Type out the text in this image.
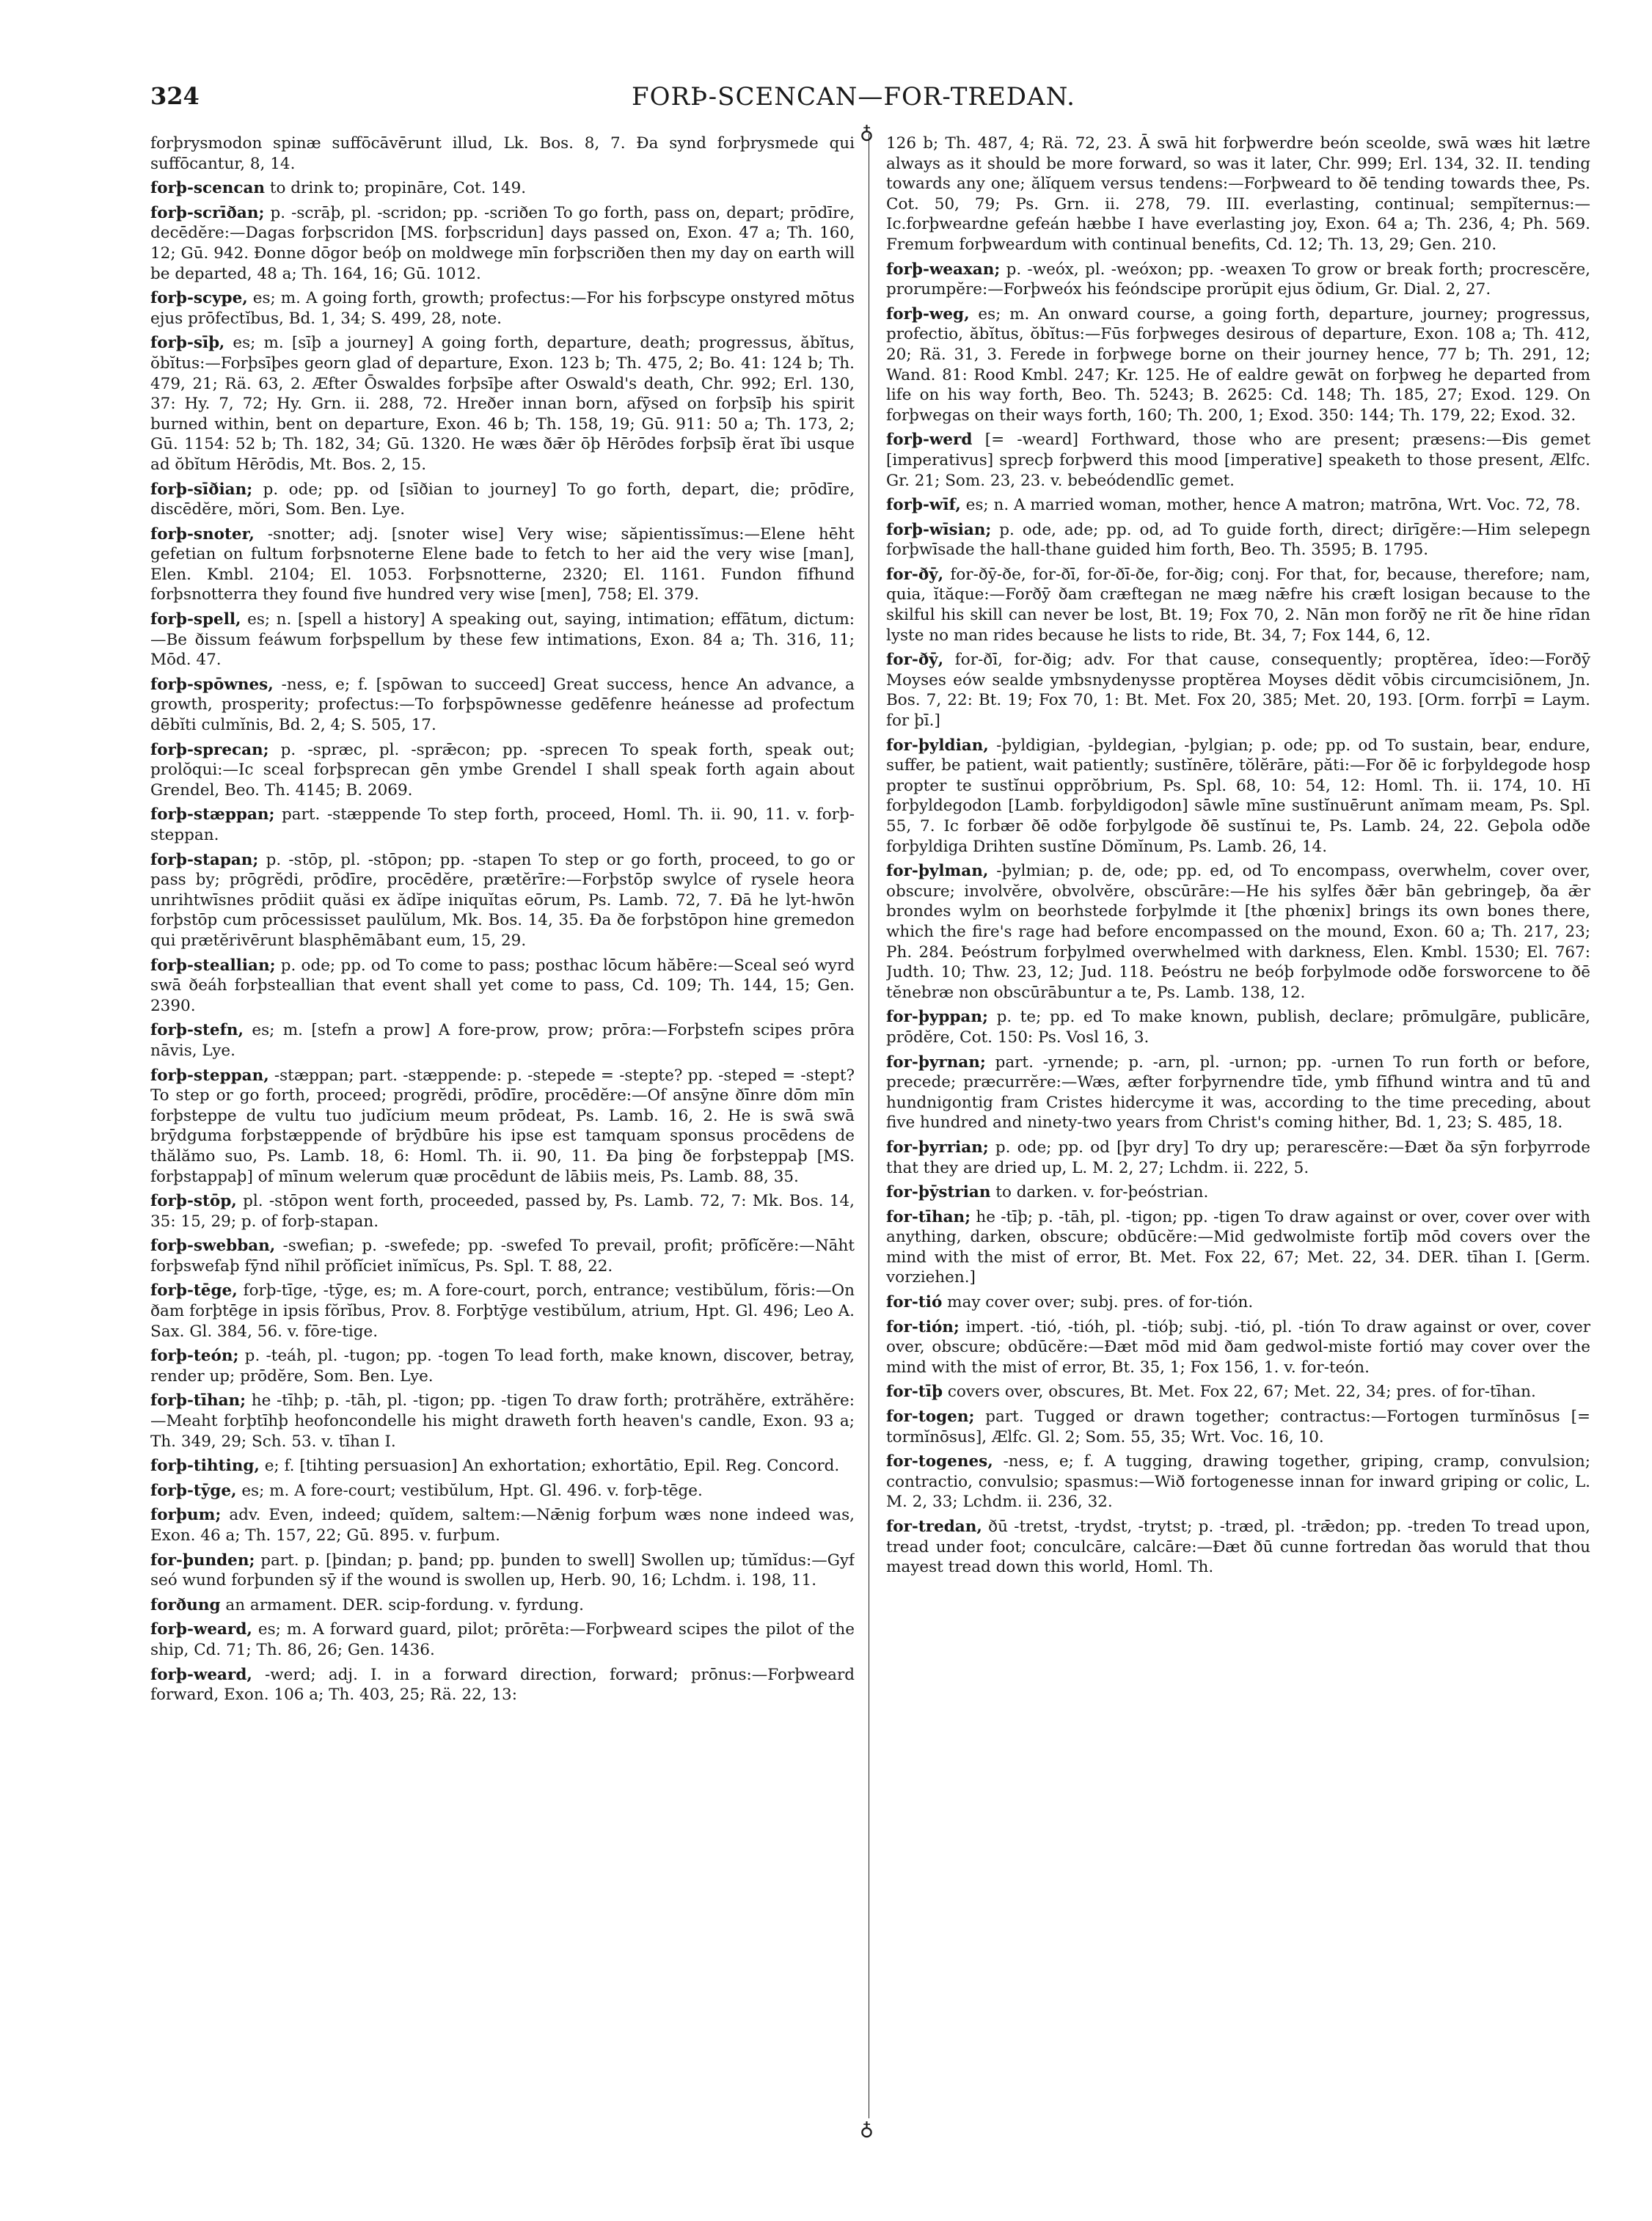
324	FORÞ-SCENCAN—FOR-TREDAN.

forþrysmodon spinæ suffōcāvērunt illud, Lk. Bos. 8, 7. Ða synd forþrysmede qui suffōcantur, 8, 14.

forþ-scencan to drink to; propināre, Cot. 149.

forþ-scrīðan; p. -scrāþ, pl. -scridon; pp. -scriðen To go forth, pass on, depart; prōdīre, decēdĕre:—Dagas forþscridon [MS. forþscridun] days passed on, Exon. 47 a; Th. 160, 12; Gū. 942. Ðonne dōgor beóþ on moldwege mīn forþscriðen then my day on earth will be departed, 48 a; Th. 164, 16; Gū. 1012.

forþ-scype, es; m. A going forth, growth; profectus:—For his forþscype onstyred mōtus ejus prōfectĭbus, Bd. 1, 34; S. 499, 28, note.

forþ-sīþ, es; m. [sīþ a journey] A going forth, departure, death; progressus, ăbĭtus, ŏbĭtus:—Forþsīþes georn glad of departure, Exon. 123 b; Th. 475, 2; Bo. 41: 124 b; Th. 479, 21; Rä. 63, 2. Æfter Ōswaldes forþsīþe after Oswald's death, Chr. 992; Erl. 130, 37: Hy. 7, 72; Hy. Grn. ii. 288, 72. Hreðer innan born, afȳsed on forþsīþ his spirit burned within, bent on departure, Exon. 46 b; Th. 158, 19; Gū. 911: 50 a; Th. 173, 2; Gū. 1154: 52 b; Th. 182, 34; Gū. 1320. He wæs ðǣr ōþ Hērōdes forþsīþ ĕrat ĭbi usque ad ŏbĭtum Hērōdis, Mt. Bos. 2, 15.

forþ-sīðian; p. ode; pp. od [sīðian to journey] To go forth, depart, die; prōdīre, discēdĕre, mŏri, Som. Ben. Lye.

forþ-snoter, -snotter; adj. [snoter wise] Very wise; săpientissĭmus:—Elene hēht gefetian on fultum forþsnoterne Elene bade to fetch to her aid the very wise [man], Elen. Kmbl. 2104; El. 1053. Forþsnotterne, 2320; El. 1161. Fundon fīfhund forþsnotterra they found five hundred very wise [men], 758; El. 379.

forþ-spell, es; n. [spell a history] A speaking out, saying, intimation; effātum, dictum:—Be ðissum feáwum forþspellum by these few intimations, Exon. 84 a; Th. 316, 11; Mōd. 47.

forþ-spōwnes, -ness, e; f. [spōwan to succeed] Great success, hence An advance, a growth, prosperity; profectus:—To forþspōwnesse gedēfenre heánesse ad profectum dēbĭti culmĭnis, Bd. 2, 4; S. 505, 17.

forþ-sprecan; p. -spræc, pl. -sprǣcon; pp. -sprecen To speak forth, speak out; prolŏqui:—Ic sceal forþsprecan gēn ymbe Grendel I shall speak forth again about Grendel, Beo. Th. 4145; B. 2069.

forþ-stæppan; part. -stæppende To step forth, proceed, Homl. Th. ii. 90, 11. v. forþ-steppan.

forþ-stapan; p. -stōp, pl. -stōpon; pp. -stapen To step or go forth, proceed, to go or pass by; prōgrĕdi, prōdīre, procēdĕre, prætĕrīre:—Forþstōp swylce of rysele heora unrihtwīsnes prōdiit quăsi ex ădĭpe iniquĭtas eōrum, Ps. Lamb. 72, 7. Ðā he lyt-hwōn forþstōp cum prōcessisset paulŭlum, Mk. Bos. 14, 35. Ða ðe forþstōpon hine gremedon qui prætĕrivērunt blasphēmābant eum, 15, 29.

forþ-steallian; p. ode; pp. od To come to pass; posthac lōcum hăbēre:—Sceal seó wyrd swā ðeáh forþsteallian that event shall yet come to pass, Cd. 109; Th. 144, 15; Gen. 2390.

forþ-stefn, es; m. [stefn a prow] A fore-prow, prow; prōra:—Forþstefn scipes prōra nāvis, Lye.

forþ-steppan, -stæppan; part. -stæppende: p. -stepede = -stepte? pp. -steped = -stept? To step or go forth, proceed; progrĕdi, prōdīre, procēdĕre:—Of ansȳne ðīnre dōm mīn forþsteppe de vultu tuo judĭcium meum prōdeat, Ps. Lamb. 16, 2. He is swā swā brȳdguma forþstæppende of brȳdbūre his ipse est tamquam sponsus procēdens de thălămo suo, Ps. Lamb. 18, 6: Homl. Th. ii. 90, 11. Ða þing ðe forþsteppaþ [MS. forþstappaþ] of mīnum welerum quæ procēdunt de lābiis meis, Ps. Lamb. 88, 35.

forþ-stōp, pl. -stōpon went forth, proceeded, passed by, Ps. Lamb. 72, 7: Mk. Bos. 14, 35: 15, 29; p. of forþ-stapan.

forþ-swebban, -swefian; p. -swefede; pp. -swefed To prevail, profit; prōfĭcĕre:—Nāht forþswefaþ fȳnd nĭhil prŏfĭciet inĭmĭcus, Ps. Spl. T. 88, 22.

forþ-tēge, forþ-tīge, -tȳge, es; m. A fore-court, porch, entrance; vestibŭlum, fŏris:—On ðam forþtēge in ipsis fŏrĭbus, Prov. 8. Forþtȳge vestibŭlum, atrium, Hpt. Gl. 496; Leo A. Sax. Gl. 384, 56. v. fōre-tige.

forþ-teón; p. -teáh, pl. -tugon; pp. -togen To lead forth, make known, discover, betray, render up; prōdĕre, Som. Ben. Lye.

forþ-tīhan; he -tīhþ; p. -tāh, pl. -tigon; pp. -tigen To draw forth; protrăhĕre, extrăhĕre:—Meaht forþtīhþ heofoncondelle his might draweth forth heaven's candle, Exon. 93 a; Th. 349, 29; Sch. 53. v. tīhan I.

forþ-tihting, e; f. [tihting persuasion] An exhortation; exhortātio, Epil. Reg. Concord.

forþ-tȳge, es; m. A fore-court; vestibŭlum, Hpt. Gl. 496. v. forþ-tēge.

forþum; adv. Even, indeed; quĭdem, saltem:—Nǣnig forþum wæs none indeed was, Exon. 46 a; Th. 157, 22; Gū. 895. v. furþum.

for-þunden; part. p. [þindan; p. þand; pp. þunden to swell] Swollen up; tŭmĭdus:—Gyf seó wund forþunden sȳ if the wound is swollen up, Herb. 90, 16; Lchdm. i. 198, 11.

forðung an armament. DER. scip-fordung. v. fyrdung.

forþ-weard, es; m. A forward guard, pilot; prōrēta:—Forþweard scipes the pilot of the ship, Cd. 71; Th. 86, 26; Gen. 1436.

forþ-weard, -werd; adj. I. in a forward direction, forward; prōnus:—Forþweard forward, Exon. 106 a; Th. 403, 25; Rä. 22, 13:

♁
♁

126 b; Th. 487, 4; Rä. 72, 23. Ā swā hit forþwerdre beón sceolde, swā wæs hit lætre always as it should be more forward, so was it later, Chr. 999; Erl. 134, 32. II. tending towards any one; ălĭquem versus tendens:—Forþweard to ðē tending towards thee, Ps. Cot. 50, 79; Ps. Grn. ii. 278, 79. III. everlasting, continual; sempĭternus:—Ic.forþweardne gefeán hæbbe I have everlasting joy, Exon. 64 a; Th. 236, 4; Ph. 569. Fremum forþweardum with continual benefits, Cd. 12; Th. 13, 29; Gen. 210.

forþ-weaxan; p. -weóx, pl. -weóxon; pp. -weaxen To grow or break forth; procrescĕre, prorumpĕre:—Forþweóx his feóndscipe prorŭpit ejus ŏdium, Gr. Dial. 2, 27.

forþ-weg, es; m. An onward course, a going forth, departure, journey; progressus, profectio, ăbĭtus, ŏbĭtus:—Fūs forþweges desirous of departure, Exon. 108 a; Th. 412, 20; Rä. 31, 3. Ferede in forþwege borne on their journey hence, 77 b; Th. 291, 12; Wand. 81: Rood Kmbl. 247; Kr. 125. He of ealdre gewāt on forþweg he departed from life on his way forth, Beo. Th. 5243; B. 2625: Cd. 148; Th. 185, 27; Exod. 129. On forþwegas on their ways forth, 160; Th. 200, 1; Exod. 350: 144; Th. 179, 22; Exod. 32.

forþ-werd [= -weard] Forthward, those who are present; præsens:—Ðis gemet [imperativus] sprecþ forþwerd this mood [imperative] speaketh to those present, Ælfc. Gr. 21; Som. 23, 23. v. bebeódendlīc gemet.

forþ-wīf, es; n. A married woman, mother, hence A matron; matrōna, Wrt. Voc. 72, 78.

forþ-wīsian; p. ode, ade; pp. od, ad To guide forth, direct; dirīgĕre:—Him selepegn forþwīsade the hall-thane guided him forth, Beo. Th. 3595; B. 1795.

for-ðȳ, for-ðȳ-ðe, for-ðī, for-ðī-ðe, for-ðig; conj. For that, for, because, therefore; nam, quia, ĭtăque:—Forðȳ ðam cræftegan ne mæg nǣfre his cræft losigan because to the skilful his skill can never be lost, Bt. 19; Fox 70, 2. Nān mon forðȳ ne rīt ðe hine rīdan lyste no man rides because he lists to ride, Bt. 34, 7; Fox 144, 6, 12.

for-ðȳ, for-ðī, for-ðig; adv. For that cause, consequently; proptĕrea, ĭdeo:—Forðȳ Moyses eów sealde ymbsnydenysse proptĕrea Moyses dĕdit vōbis circumcisiōnem, Jn. Bos. 7, 22: Bt. 19; Fox 70, 1: Bt. Met. Fox 20, 385; Met. 20, 193. [Orm. forrþī = Laym. for þī.]

for-þyldian, -þyldigian, -þyldegian, -þylgian; p. ode; pp. od To sustain, bear, endure, suffer, be patient, wait patiently; sustĭnēre, tŏlĕrāre, păti:—For ðē ic forþyldegode hosp propter te sustĭnui opprŏbrium, Ps. Spl. 68, 10: 54, 12: Homl. Th. ii. 174, 10. Hī forþyldegodon [Lamb. forþyldigodon] sāwle mīne sustĭnuērunt anĭmam meam, Ps. Spl. 55, 7. Ic forbær ðē odðe forþylgode ðē sustĭnui te, Ps. Lamb. 24, 22. Geþola odðe forþyldiga Drihten sustĭne Dŏmĭnum, Ps. Lamb. 26, 14.

for-þylman, -þylmian; p. de, ode; pp. ed, od To encompass, overwhelm, cover over, obscure; involvĕre, obvolvĕre, obscūrāre:—He his sylfes ðǣr bān gebringeþ, ða ǣr brondes wylm on beorhstede forþylmde it [the phœnix] brings its own bones there, which the fire's rage had before encompassed on the mound, Exon. 60 a; Th. 217, 23; Ph. 284. Þeóstrum forþylmed overwhelmed with darkness, Elen. Kmbl. 1530; El. 767: Judth. 10; Thw. 23, 12; Jud. 118. Þeóstru ne beóþ forþylmode odðe forsworcene to ðē tĕnebræ non obscūrābuntur a te, Ps. Lamb. 138, 12.

for-þyppan; p. te; pp. ed To make known, publish, declare; prōmulgāre, publicāre, prōdĕre, Cot. 150: Ps. Vosl 16, 3.

for-þyrnan; part. -yrnende; p. -arn, pl. -urnon; pp. -urnen To run forth or before, precede; præcurrĕre:—Wæs, æfter forþyrnendre tīde, ymb fīfhund wintra and tū and hundnigontig fram Cristes hidercyme it was, according to the time preceding, about five hundred and ninety-two years from Christ's coming hither, Bd. 1, 23; S. 485, 18.

for-þyrrian; p. ode; pp. od [þyr dry] To dry up; perarescĕre:—Ðæt ða sȳn forþyrrode that they are dried up, L. M. 2, 27; Lchdm. ii. 222, 5.

for-þȳstrian to darken. v. for-þeóstrian.

for-tīhan; he -tīþ; p. -tāh, pl. -tigon; pp. -tigen To draw against or over, cover over with anything, darken, obscure; obdūcĕre:—Mid gedwolmiste fortīþ mōd covers over the mind with the mist of error, Bt. Met. Fox 22, 67; Met. 22, 34. DER. tīhan I. [Germ. vorziehen.]

for-tió may cover over; subj. pres. of for-tión.

for-tión; impert. -tió, -tióh, pl. -tióþ; subj. -tió, pl. -tión To draw against or over, cover over, obscure; obdūcĕre:—Ðæt mōd mid ðam gedwol-miste fortió may cover over the mind with the mist of error, Bt. 35, 1; Fox 156, 1. v. for-teón.

for-tīþ covers over, obscures, Bt. Met. Fox 22, 67; Met. 22, 34; pres. of for-tīhan.

for-togen; part. Tugged or drawn together; contractus:—Fortogen turmĭnōsus [= tormĭnōsus], Ælfc. Gl. 2; Som. 55, 35; Wrt. Voc. 16, 10.

for-togenes, -ness, e; f. A tugging, drawing together, griping, cramp, convulsion; contractio, convulsio; spasmus:—Wið fortogenesse innan for inward griping or colic, L. M. 2, 33; Lchdm. ii. 236, 32.

for-tredan, ðū -tretst, -trydst, -trytst; p. -træd, pl. -trǣdon; pp. -treden To tread upon, tread under foot; conculcāre, calcāre:—Ðæt ðū cunne fortredan ðas woruld that thou mayest tread down this world, Homl. Th.
